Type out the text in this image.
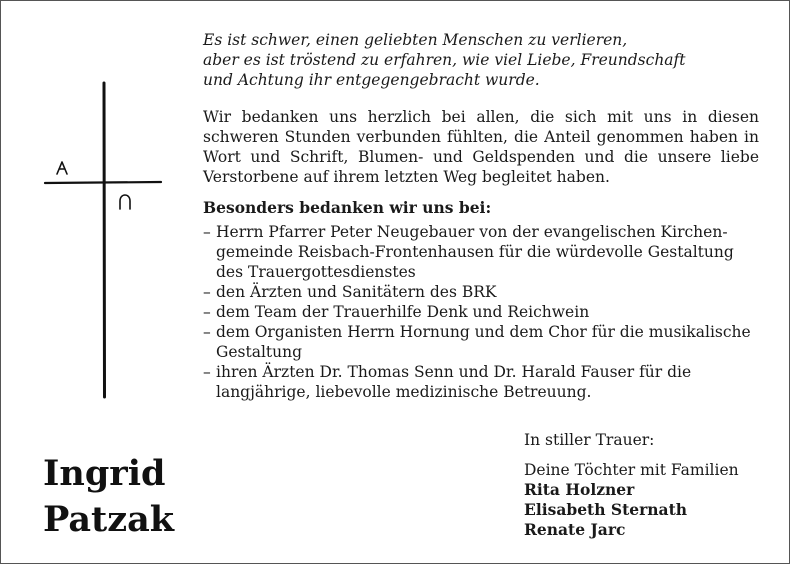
Ingrid
Patzak
Es ist schwer, einen geliebten Menschen zu verlieren,
aber es ist tröstend zu erfahren, wie viel Liebe, Freundschaft
und Achtung ihr entgegengebracht wurde.
Wir bedanken uns herzlich bei allen, die sich mit uns in diesen schweren Stunden verbunden fühlten, die Anteil genommen haben in Wort und Schrift, Blumen- und Geldspenden und die unsere liebe Verstorbene auf ihrem letzten Weg begleitet haben.
Besonders bedanken wir uns bei:
– Herrn Pfarrer Peter Neugebauer von der evangelischen Kirchengemeinde Reisbach-Frontenhausen für die würdevolle Gestaltung des Trauergottesdienstes
– den Ärzten und Sanitätern des BRK
– dem Team der Trauerhilfe Denk und Reichwein
– dem Organisten Herrn Hornung und dem Chor für die musikalische Gestaltung
– ihren Ärzten Dr. Thomas Senn und Dr. Harald Fauser für die langjährige, liebevolle medizinische Betreuung.
In stiller Trauer:
Deine Töchter mit Familien
Rita Holzner
Elisabeth Sternath
Renate Jarc
